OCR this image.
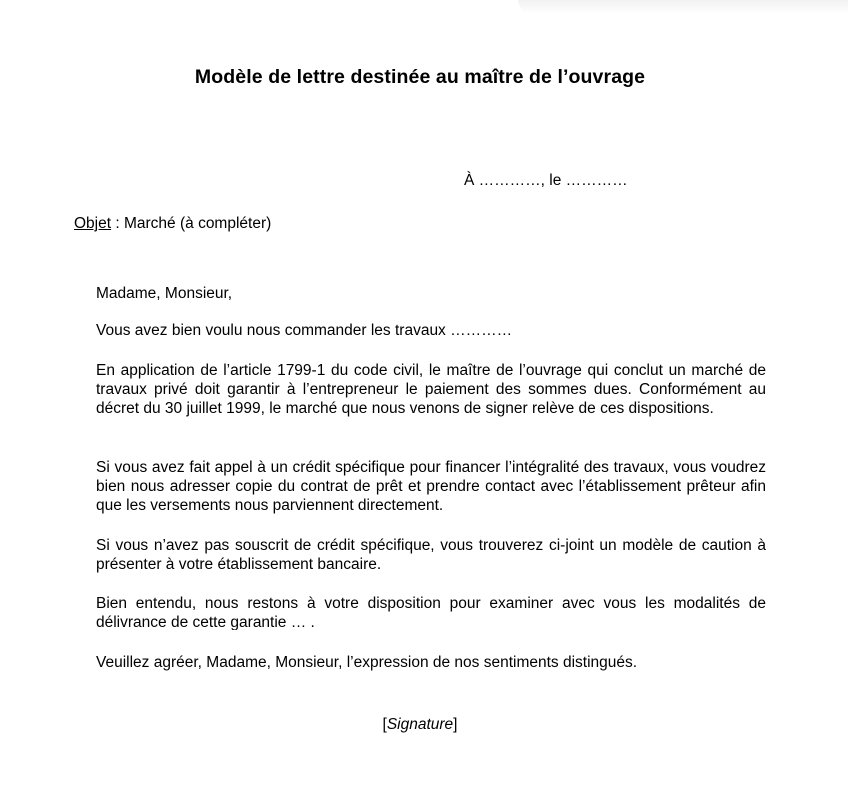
Modèle de lettre destinée au maître de l’ouvrage

À …………, le …………

Objet : Marché (à compléter)

Madame, Monsieur,

Vous avez bien voulu nous commander les travaux …………

En application de l’article 1799-1 du code civil, le maître de l’ouvrage qui conclut un marché de travaux privé doit garantir à l’entrepreneur le paiement des sommes dues. Conformément au décret du 30 juillet 1999, le marché que nous venons de signer relève de ces dispositions.

Si vous avez fait appel à un crédit spécifique pour financer l’intégralité des travaux, vous voudrez bien nous adresser copie du contrat de prêt et prendre contact avec l’établissement prêteur afin que les versements nous parviennent directement.

Si vous n’avez pas souscrit de crédit spécifique, vous trouverez ci-joint un modèle de caution à présenter à votre établissement bancaire.

Bien entendu, nous restons à votre disposition pour examiner avec vous les modalités de délivrance de cette garantie … .

Veuillez agréer, Madame, Monsieur, l’expression de nos sentiments distingués.

[Signature]
